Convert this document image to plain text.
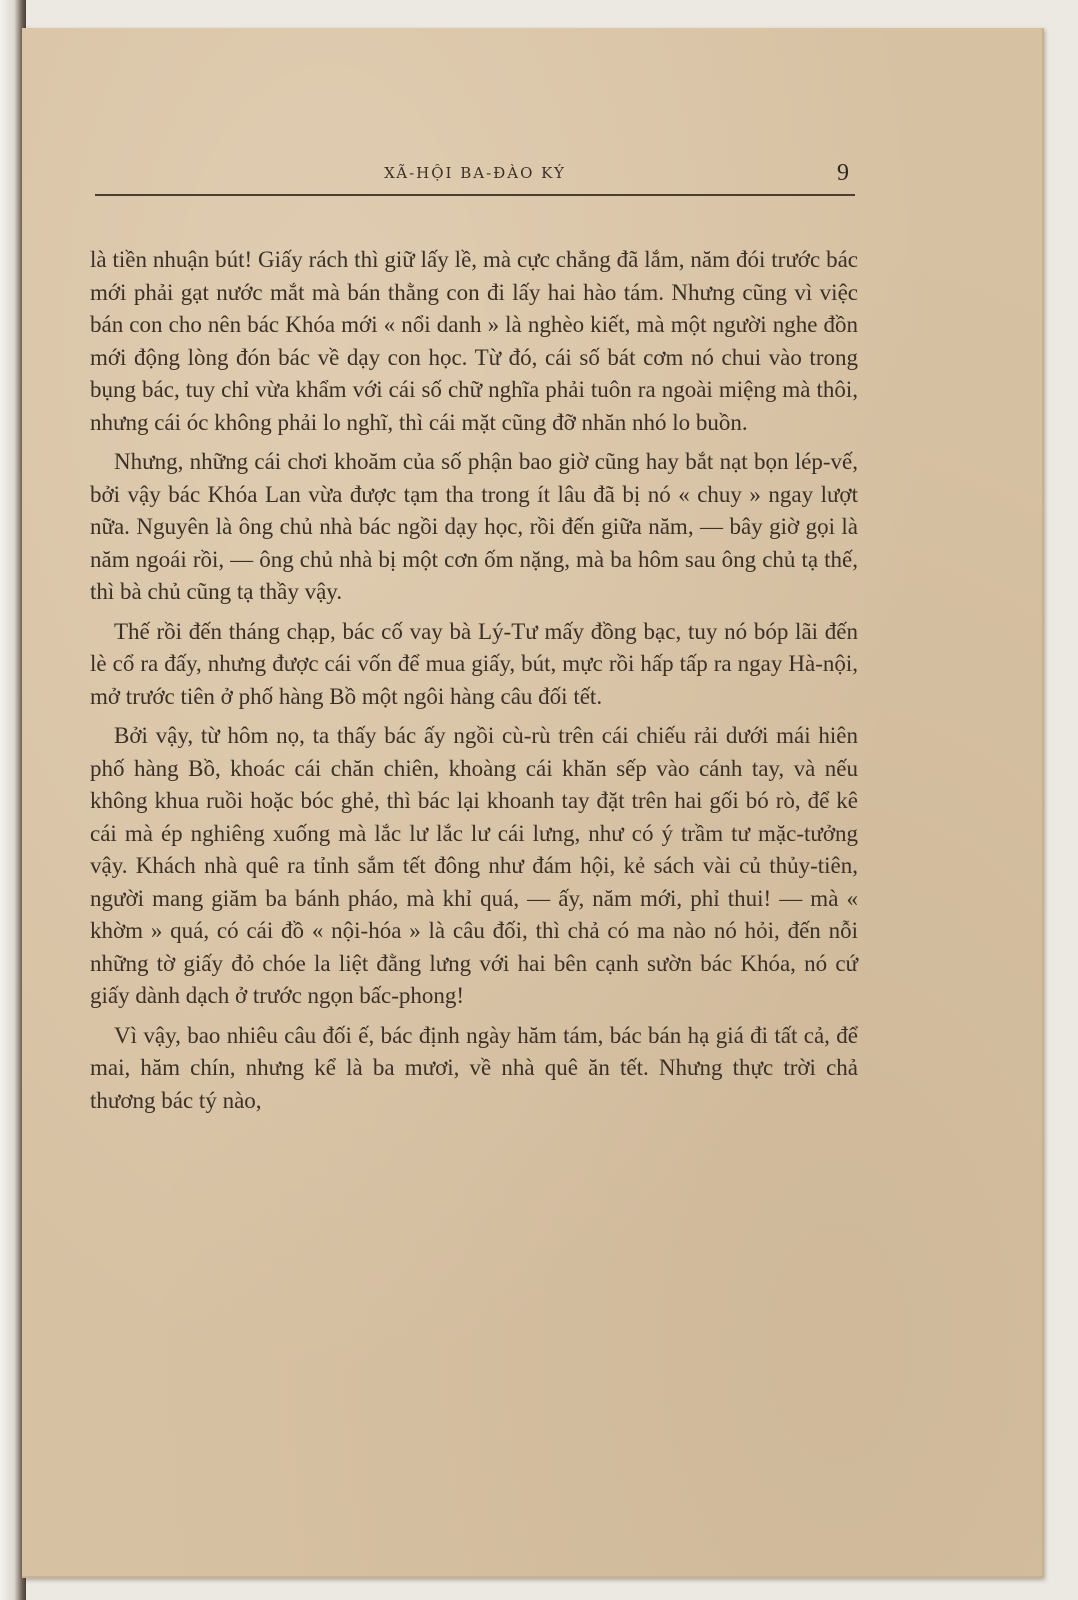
XÃ-HỘI BA-ĐÀO KÝ	9

là tiền nhuận bút! Giấy rách thì giữ lấy lề, mà cực chẳng đã lắm, năm đói trước bác mới phải gạt nước mắt mà bán thằng con đi lấy hai hào tám. Nhưng cũng vì việc bán con cho nên bác Khóa mới « nổi danh » là nghèo kiết, mà một người nghe đồn mới động lòng đón bác về dạy con học. Từ đó, cái số bát cơm nó chui vào trong bụng bác, tuy chỉ vừa khẩm với cái số chữ nghĩa phải tuôn ra ngoài miệng mà thôi, nhưng cái óc không phải lo nghĩ, thì cái mặt cũng đỡ nhăn nhó lo buồn.

Nhưng, những cái chơi khoăm của số phận bao giờ cũng hay bắt nạt bọn lép-vế, bởi vậy bác Khóa Lan vừa được tạm tha trong ít lâu đã bị nó « chuy » ngay lượt nữa. Nguyên là ông chủ nhà bác ngồi dạy học, rồi đến giữa năm, — bây giờ gọi là năm ngoái rồi, — ông chủ nhà bị một cơn ốm nặng, mà ba hôm sau ông chủ tạ thế, thì bà chủ cũng tạ thầy vậy.

Thế rồi đến tháng chạp, bác cố vay bà Lý-Tư mấy đồng bạc, tuy nó bóp lãi đến lè cổ ra đấy, nhưng được cái vốn để mua giấy, bút, mực rồi hấp tấp ra ngay Hà-nội, mở trước tiên ở phố hàng Bồ một ngôi hàng câu đối tết.

Bởi vậy, từ hôm nọ, ta thấy bác ấy ngồi cù-rù trên cái chiếu rải dưới mái hiên phố hàng Bồ, khoác cái chăn chiên, khoàng cái khăn sếp vào cánh tay, và nếu không khua ruồi hoặc bóc ghẻ, thì bác lại khoanh tay đặt trên hai gối bó rò, để kê cái mà ép nghiêng xuống mà lắc lư lắc lư cái lưng, như có ý trầm tư mặc-tưởng vậy. Khách nhà quê ra tỉnh sắm tết đông như đám hội, kẻ sách vài củ thủy-tiên, người mang giăm ba bánh pháo, mà khỉ quá, — ấy, năm mới, phỉ thui! — mà « khờm » quá, có cái đồ « nội-hóa » là câu đối, thì chả có ma nào nó hỏi, đến nỗi những tờ giấy đỏ chóe la liệt đằng lưng với hai bên cạnh sườn bác Khóa, nó cứ giấy dành dạch ở trước ngọn bấc-phong!

Vì vậy, bao nhiêu câu đối ế, bác định ngày hăm tám, bác bán hạ giá đi tất cả, để mai, hăm chín, nhưng kể là ba mươi, về nhà quê ăn tết. Nhưng thực trời chả thương bác tý nào,
